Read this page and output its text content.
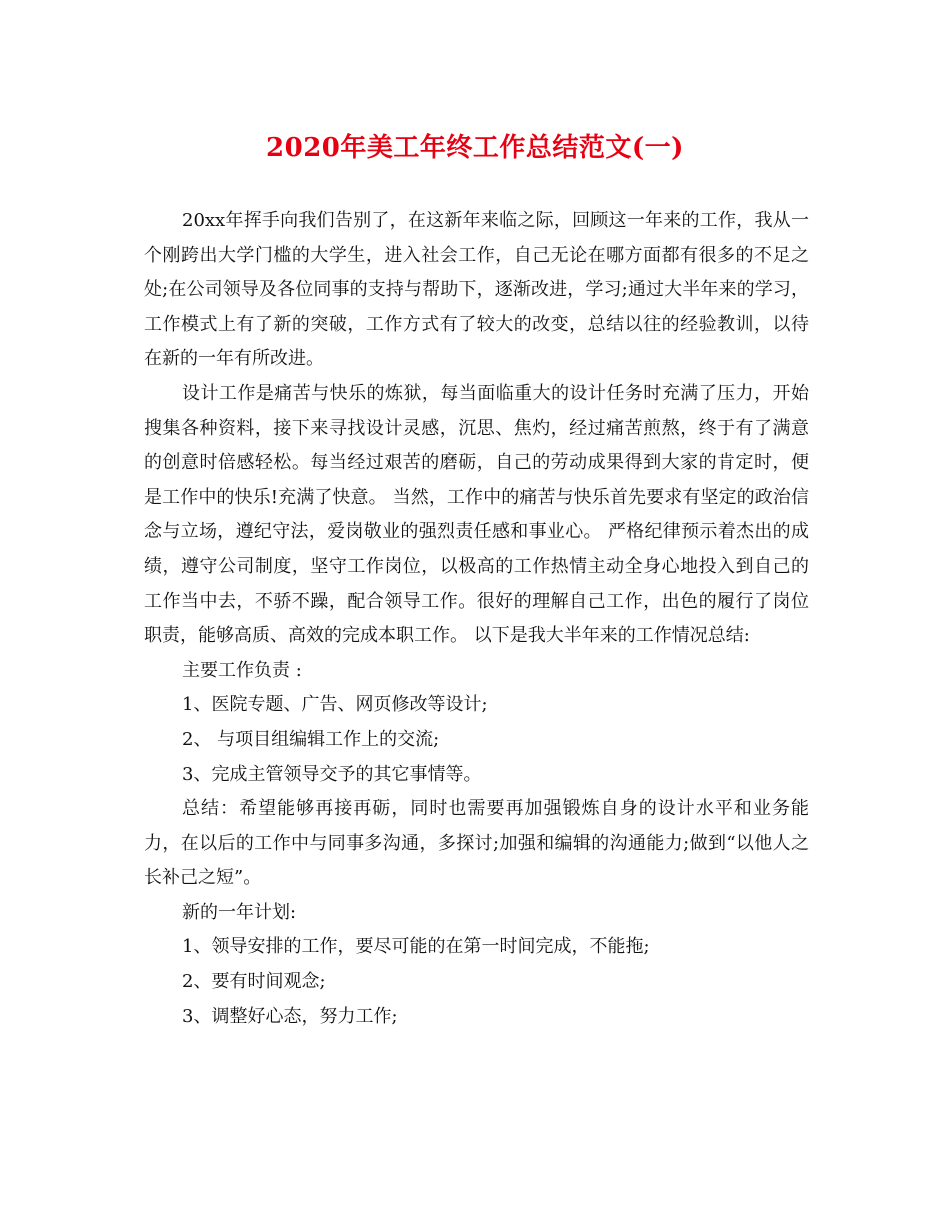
2020年美工年终工作总结范文(一)

20xx年挥手向我们告别了，在这新年来临之际，回顾这一年来的工作，我从一个刚跨出大学门槛的大学生，进入社会工作，自己无论在哪方面都有很多的不足之处;在公司领导及各位同事的支持与帮助下，逐渐改进，学习;通过大半年来的学习，工作模式上有了新的突破，工作方式有了较大的改变，总结以往的经验教训，以待在新的一年有所改进。

设计工作是痛苦与快乐的炼狱，每当面临重大的设计任务时充满了压力，开始搜集各种资料，接下来寻找设计灵感，沉思、焦灼，经过痛苦煎熬，终于有了满意的创意时倍感轻松。每当经过艰苦的磨砺，自己的劳动成果得到大家的肯定时，便是工作中的快乐!充满了快意。 当然，工作中的痛苦与快乐首先要求有坚定的政治信念与立场，遵纪守法，爱岗敬业的强烈责任感和事业心。 严格纪律预示着杰出的成绩，遵守公司制度，坚守工作岗位，以极高的工作热情主动全身心地投入到自己的工作当中去，不骄不躁，配合领导工作。很好的理解自己工作，出色的履行了岗位职责，能够高质、高效的完成本职工作。 以下是我大半年来的工作情况总结:

主要工作负责 :

1、医院专题、广告、网页修改等设计;

2、 与项目组编辑工作上的交流;

3、完成主管领导交予的其它事情等。

总结：希望能够再接再砺，同时也需要再加强锻炼自身的设计水平和业务能力，在以后的工作中与同事多沟通，多探讨;加强和编辑的沟通能力;做到“以他人之长补己之短”。

新的一年计划:

1、领导安排的工作，要尽可能的在第一时间完成，不能拖;

2、要有时间观念;

3、调整好心态，努力工作;
